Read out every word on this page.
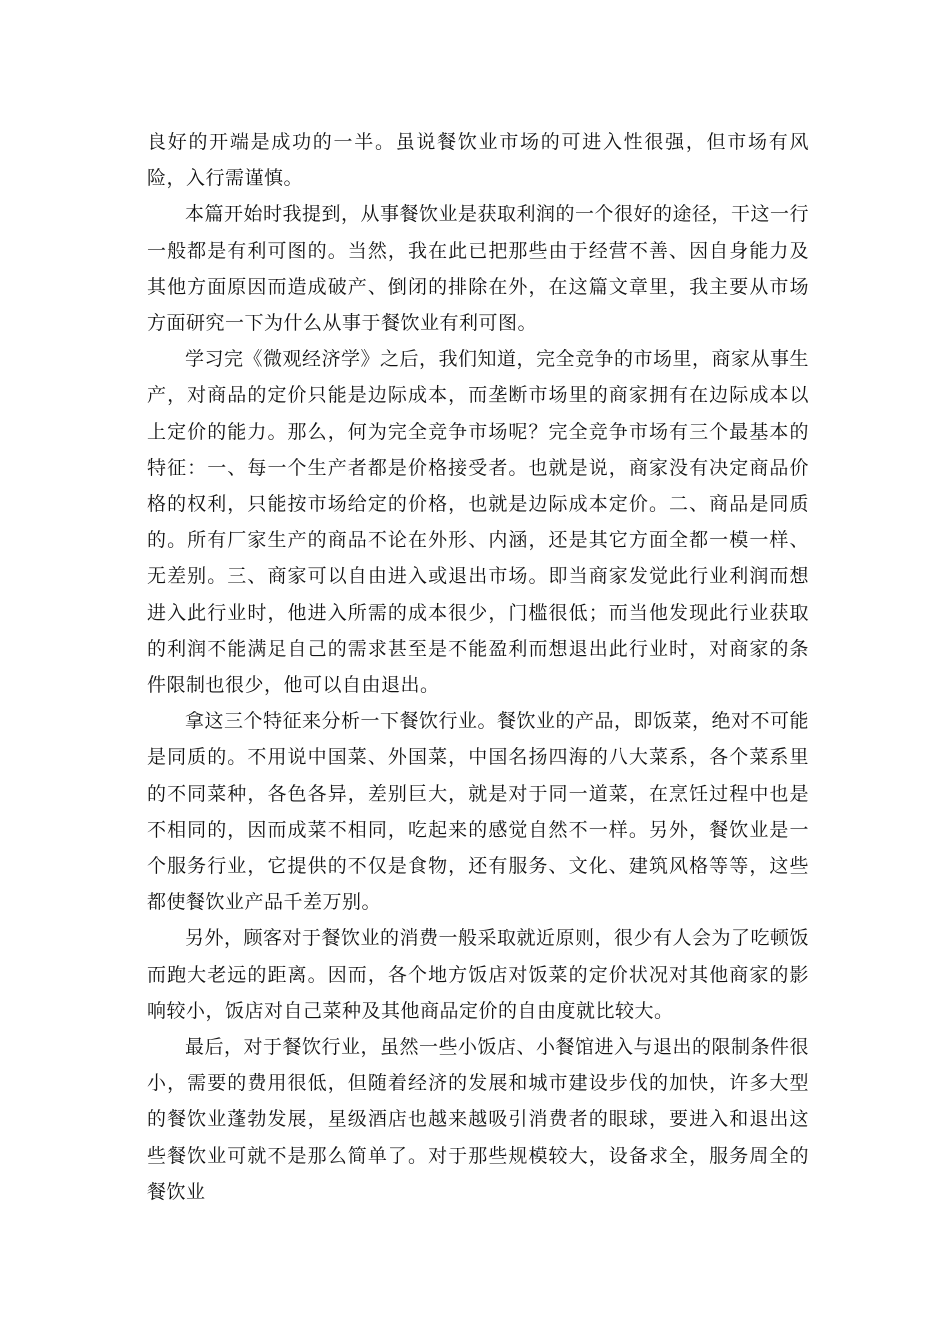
良好的开端是成功的一半。虽说餐饮业市场的可进入性很强，但市场有风险，入行需谨慎。

本篇开始时我提到，从事餐饮业是获取利润的一个很好的途径，干这一行一般都是有利可图的。当然，我在此已把那些由于经营不善、因自身能力及其他方面原因而造成破产、倒闭的排除在外，在这篇文章里，我主要从市场方面研究一下为什么从事于餐饮业有利可图。

学习完《微观经济学》之后，我们知道，完全竞争的市场里，商家从事生产，对商品的定价只能是边际成本，而垄断市场里的商家拥有在边际成本以上定价的能力。那么，何为完全竞争市场呢？完全竞争市场有三个最基本的特征：一、每一个生产者都是价格接受者。也就是说，商家没有决定商品价格的权利，只能按市场给定的价格，也就是边际成本定价。二、商品是同质的。所有厂家生产的商品不论在外形、内涵，还是其它方面全都一模一样、无差别。三、商家可以自由进入或退出市场。即当商家发觉此行业利润而想进入此行业时，他进入所需的成本很少，门槛很低；而当他发现此行业获取的利润不能满足自己的需求甚至是不能盈利而想退出此行业时，对商家的条件限制也很少，他可以自由退出。

拿这三个特征来分析一下餐饮行业。餐饮业的产品，即饭菜，绝对不可能是同质的。不用说中国菜、外国菜，中国名扬四海的八大菜系，各个菜系里的不同菜种，各色各异，差别巨大，就是对于同一道菜，在烹饪过程中也是不相同的，因而成菜不相同，吃起来的感觉自然不一样。另外，餐饮业是一个服务行业，它提供的不仅是食物，还有服务、文化、建筑风格等等，这些都使餐饮业产品千差万别。

另外，顾客对于餐饮业的消费一般采取就近原则，很少有人会为了吃顿饭而跑大老远的距离。因而，各个地方饭店对饭菜的定价状况对其他商家的影响较小，饭店对自己菜种及其他商品定价的自由度就比较大。

最后，对于餐饮行业，虽然一些小饭店、小餐馆进入与退出的限制条件很小，需要的费用很低，但随着经济的发展和城市建设步伐的加快，许多大型的餐饮业蓬勃发展，星级酒店也越来越吸引消费者的眼球，要进入和退出这些餐饮业可就不是那么简单了。对于那些规模较大，设备求全，服务周全的餐饮业
